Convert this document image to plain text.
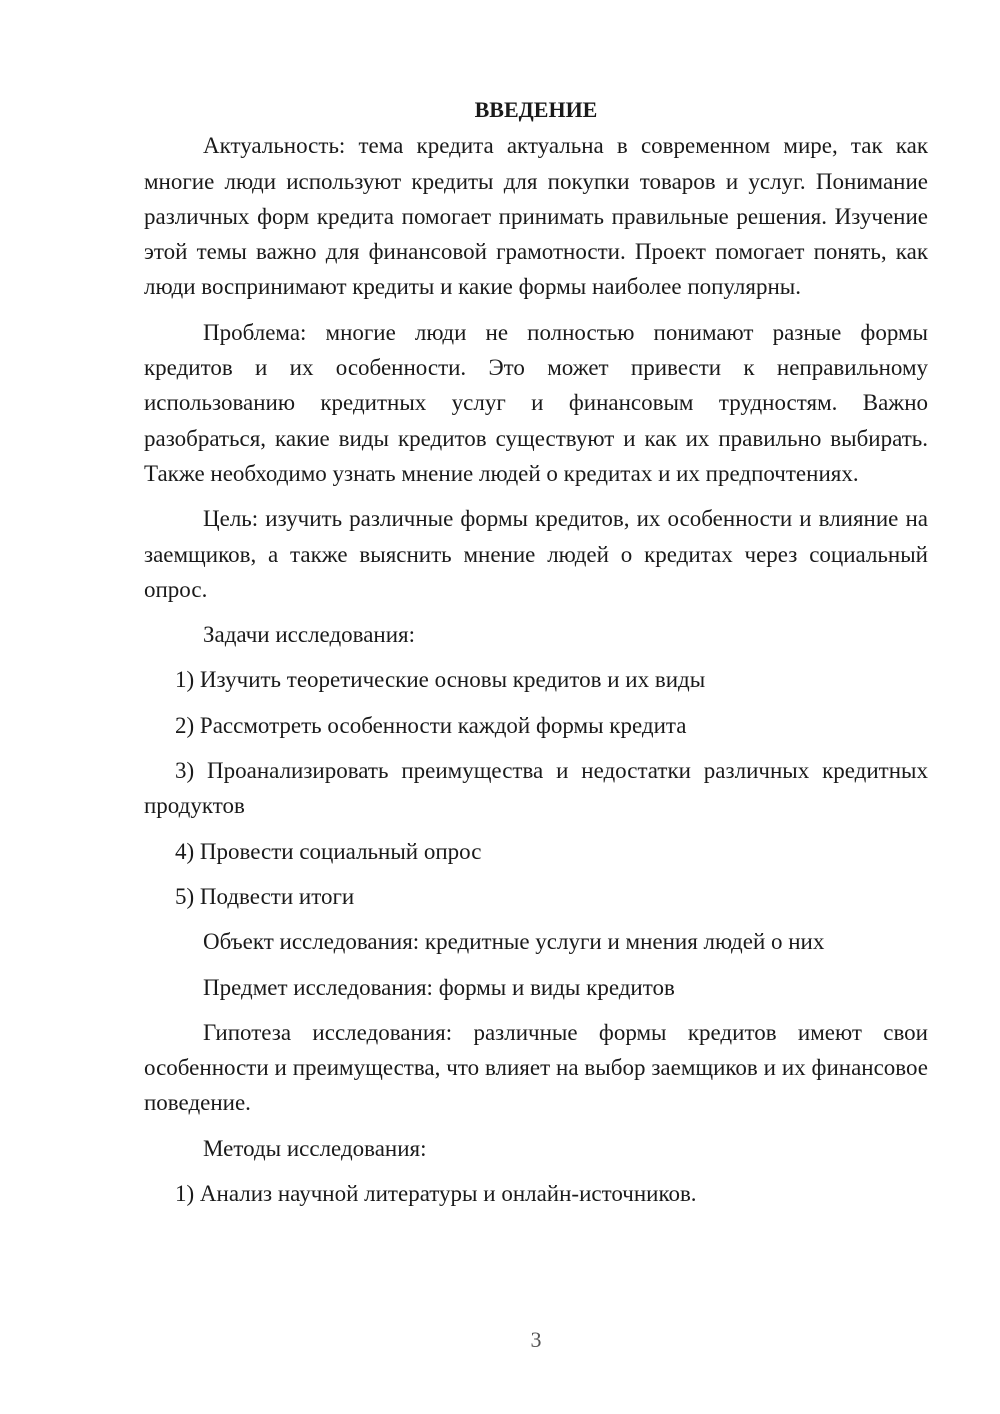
ВВЕДЕНИЕ

Актуальность: тема кредита актуальна в современном мире, так как многие люди используют кредиты для покупки товаров и услуг. Понимание различных форм кредита помогает принимать правильные решения. Изучение этой темы важно для финансовой грамотности. Проект помогает понять, как люди воспринимают кредиты и какие формы наиболее популярны.

Проблема: многие люди не полностью понимают разные формы кредитов и их особенности. Это может привести к неправильному использованию кредитных услуг и финансовым трудностям. Важно разобраться, какие виды кредитов существуют и как их правильно выбирать. Также необходимо узнать мнение людей о кредитах и их предпочтениях.

Цель: изучить различные формы кредитов, их особенности и влияние на заемщиков, а также выяснить мнение людей о кредитах через социальный опрос.

Задачи исследования:

1) Изучить теоретические основы кредитов и их виды

2) Рассмотреть особенности каждой формы кредита

3) Проанализировать преимущества и недостатки различных кредитных продуктов

4) Провести социальный опрос

5) Подвести итоги

Объект исследования: кредитные услуги и мнения людей о них

Предмет исследования: формы и виды кредитов

Гипотеза исследования: различные формы кредитов имеют свои особенности и преимущества, что влияет на выбор заемщиков и их финансовое поведение.

Методы исследования:

1) Анализ научной литературы и онлайн-источников.

3
